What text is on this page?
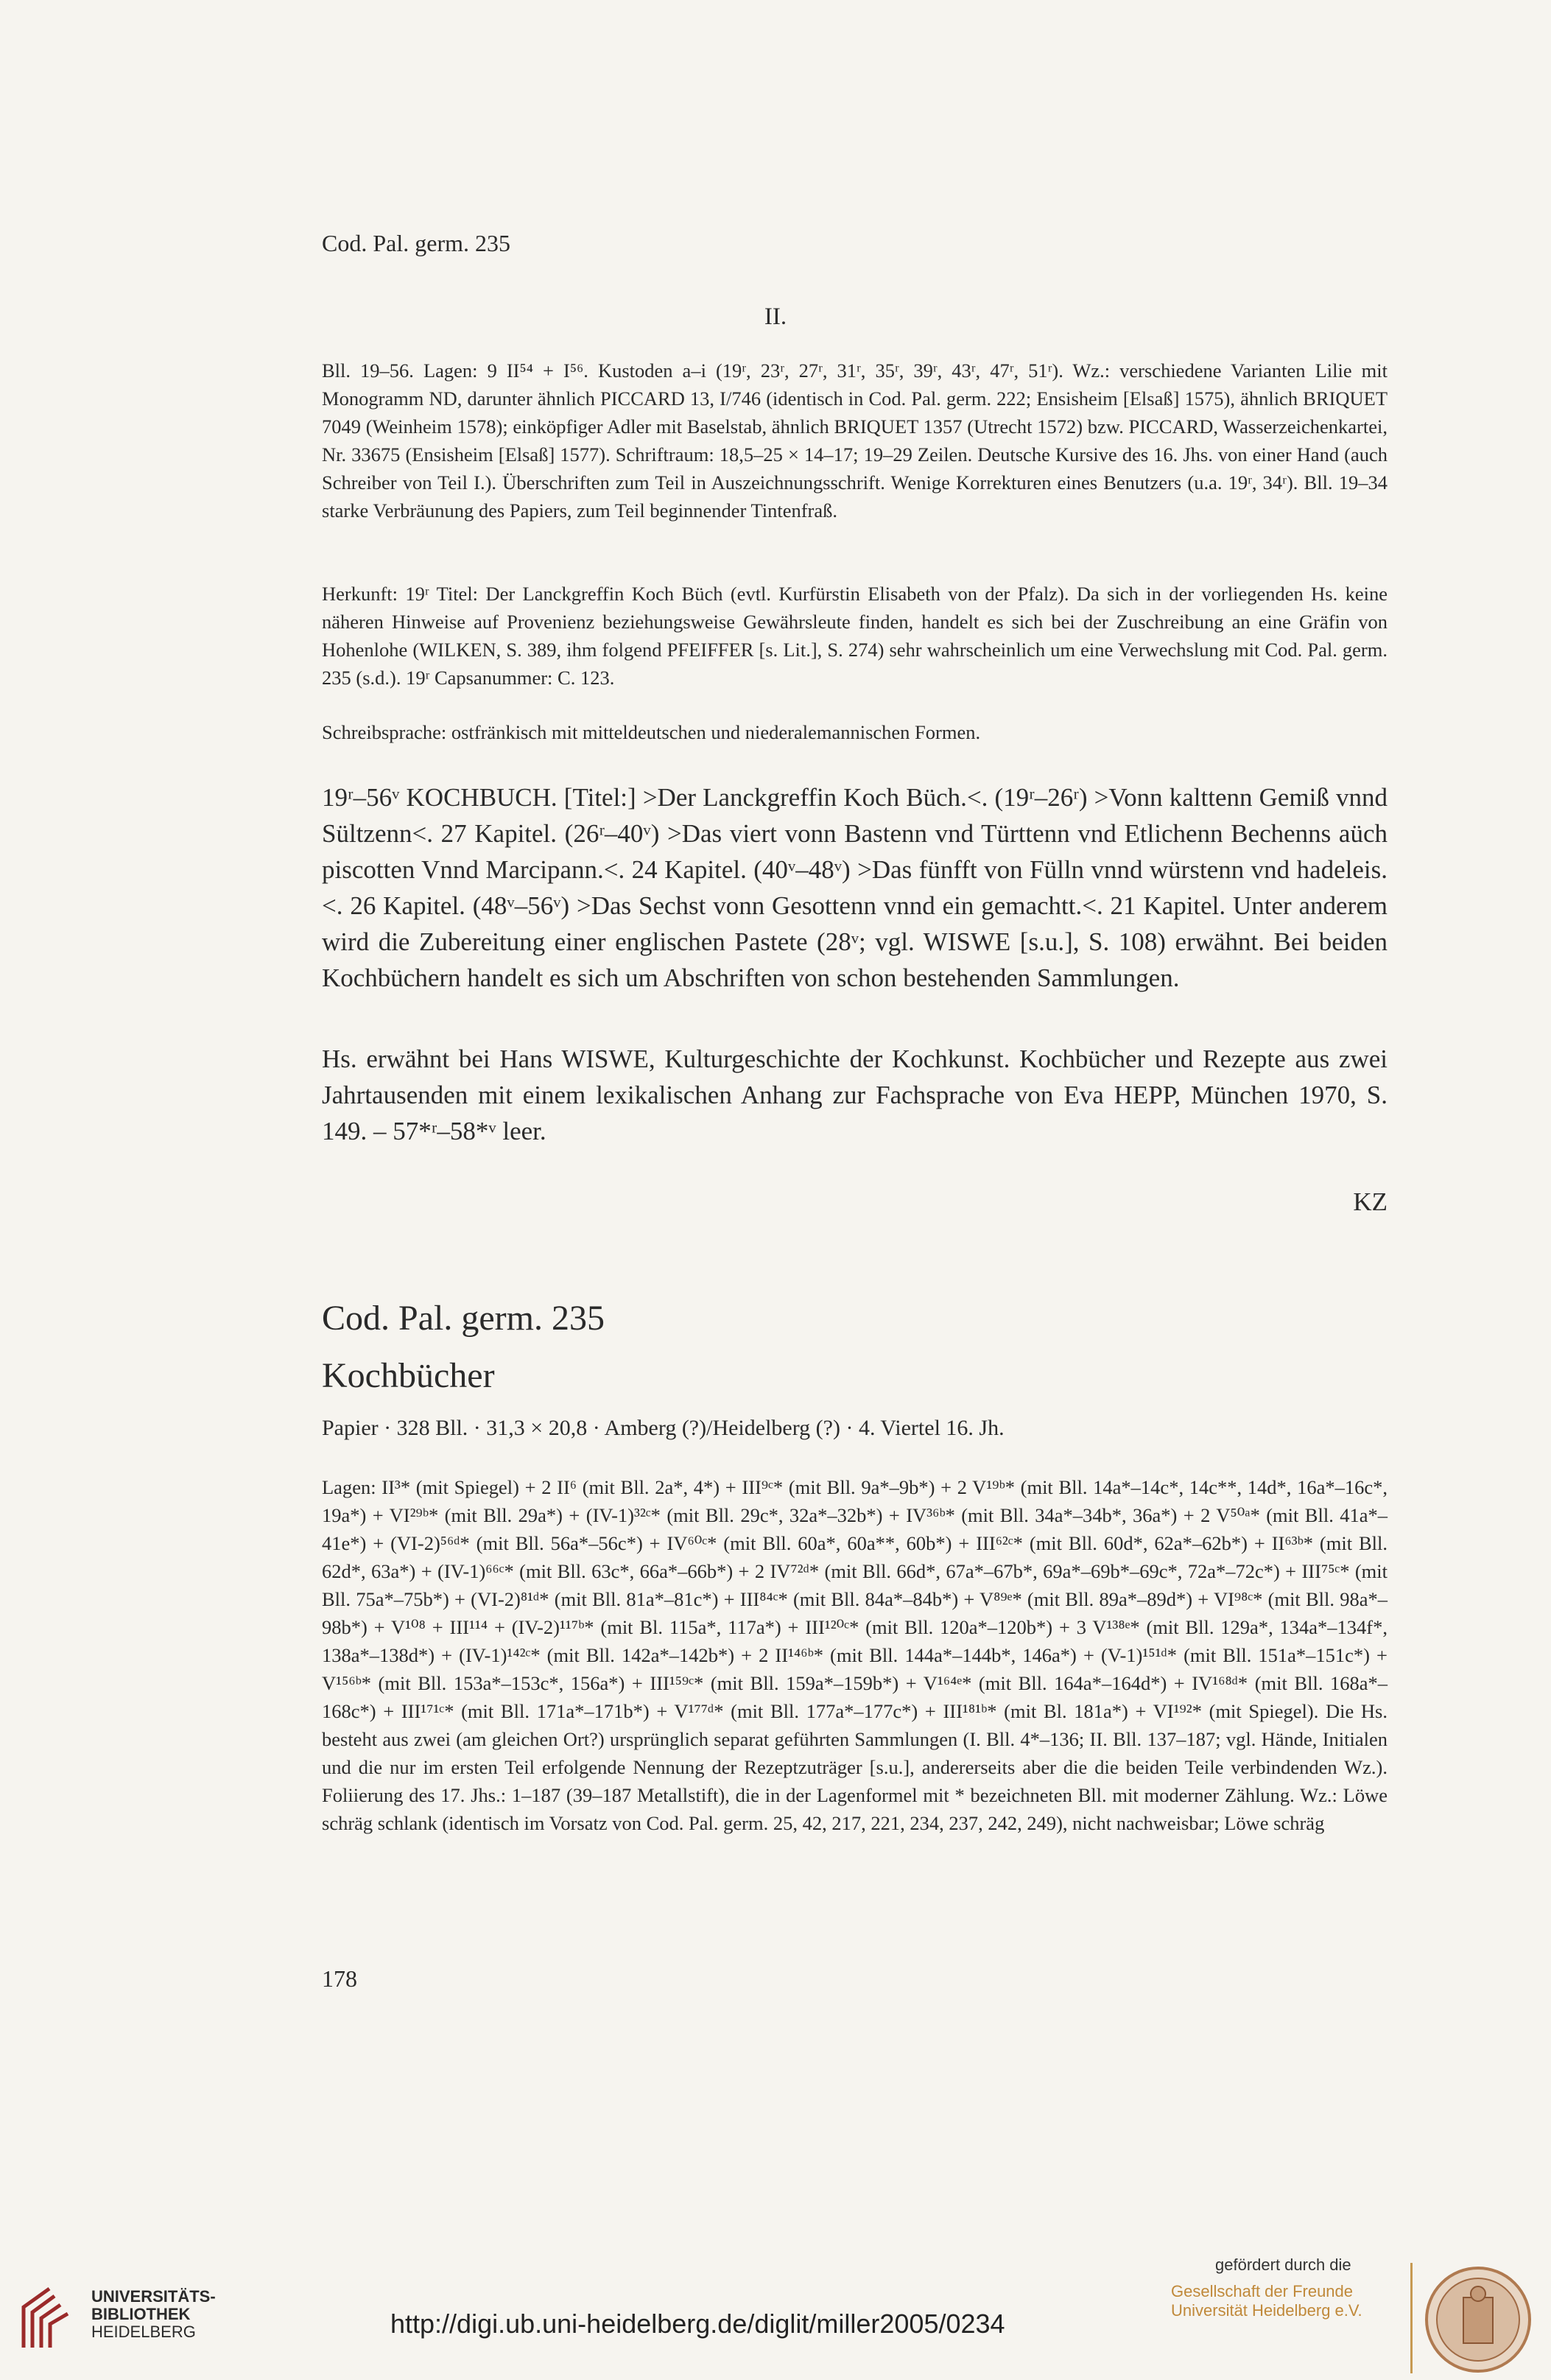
Cod. Pal. germ. 235
II.

Bll. 19–56. Lagen: 9 II⁵⁴ + I⁵⁶. Kustoden a–i (19ʳ, 23ʳ, 27ʳ, 31ʳ, 35ʳ, 39ʳ, 43ʳ, 47ʳ, 51ʳ). Wz.: verschiedene Varianten Lilie mit Monogramm ND, darunter ähnlich PICCARD 13, I/746 (identisch in Cod. Pal. germ. 222; Ensisheim [Elsaß] 1575), ähnlich BRIQUET 7049 (Weinheim 1578); einköpfiger Adler mit Baselstab, ähnlich BRIQUET 1357 (Utrecht 1572) bzw. PICCARD, Wasserzeichenkartei, Nr. 33675 (Ensisheim [Elsaß] 1577). Schriftraum: 18,5–25 × 14–17; 19–29 Zeilen. Deutsche Kursive des 16. Jhs. von einer Hand (auch Schreiber von Teil I.). Überschriften zum Teil in Auszeichnungsschrift. Wenige Korrekturen eines Benutzers (u.a. 19ʳ, 34ʳ). Bll. 19–34 starke Verbräunung des Papiers, zum Teil beginnender Tintenfraß.

Herkunft: 19ʳ Titel: Der Lanckgreffin Koch Büch (evtl. Kurfürstin Elisabeth von der Pfalz). Da sich in der vorliegenden Hs. keine näheren Hinweise auf Provenienz beziehungsweise Gewährsleute finden, handelt es sich bei der Zuschreibung an eine Gräfin von Hohenlohe (WILKEN, S. 389, ihm folgend PFEIFFER [s. Lit.], S. 274) sehr wahrscheinlich um eine Verwechslung mit Cod. Pal. germ. 235 (s.d.). 19ʳ Capsanummer: C. 123.

Schreibsprache: ostfränkisch mit mitteldeutschen und niederalemannischen Formen.

19ʳ–56ᵛ KOCHBUCH. [Titel:] >Der Lanckgreffin Koch Büch.<. (19ʳ–26ʳ) >Vonn kalttenn Gemiß vnnd Sültzenn<. 27 Kapitel. (26ʳ–40ᵛ) >Das viert vonn Bastenn vnd Türttenn vnd Etlichenn Bechenns aüch piscotten Vnnd Marcipann.<. 24 Kapitel. (40ᵛ–48ᵛ) >Das fünfft von Fülln vnnd würstenn vnd hadeleis.<. 26 Kapitel. (48ᵛ–56ᵛ) >Das Sechst vonn Gesottenn vnnd ein gemachtt.<. 21 Kapitel. Unter anderem wird die Zubereitung einer englischen Pastete (28ᵛ; vgl. WISWE [s.u.], S. 108) erwähnt. Bei beiden Kochbüchern handelt es sich um Abschriften von schon bestehenden Sammlungen.

Hs. erwähnt bei Hans WISWE, Kulturgeschichte der Kochkunst. Kochbücher und Rezepte aus zwei Jahrtausenden mit einem lexikalischen Anhang zur Fachsprache von Eva HEPP, München 1970, S. 149. – 57*ʳ–58*ᵛ leer.

KZ
Cod. Pal. germ. 235
Kochbücher
Papier · 328 Bll. · 31,3 × 20,8 · Amberg (?)/Heidelberg (?) · 4. Viertel 16. Jh.

Lagen: II³* (mit Spiegel) + 2 II⁶ (mit Bll. 2a*, 4*) + III⁹ᶜ* (mit Bll. 9a*–9b*) + 2 V¹⁹ᵇ* (mit Bll. 14a*–14c*, 14c**, 14d*, 16a*–16c*, 19a*) + VI²⁹ᵇ* (mit Bll. 29a*) + (IV-1)³²ᶜ* (mit Bll. 29c*, 32a*–32b*) + IV³⁶ᵇ* (mit Bll. 34a*–34b*, 36a*) + 2 V⁵⁰ᵃ* (mit Bll. 41a*–41e*) + (VI-2)⁵⁶ᵈ* (mit Bll. 56a*–56c*) + IV⁶⁰ᶜ* (mit Bll. 60a*, 60a**, 60b*) + III⁶²ᶜ* (mit Bll. 60d*, 62a*–62b*) + II⁶³ᵇ* (mit Bll. 62d*, 63a*) + (IV-1)⁶⁶ᶜ* (mit Bll. 63c*, 66a*–66b*) + 2 IV⁷²ᵈ* (mit Bll. 66d*, 67a*–67b*, 69a*–69b*–69c*, 72a*–72c*) + III⁷⁵ᶜ* (mit Bll. 75a*–75b*) + (VI-2)⁸¹ᵈ* (mit Bll. 81a*–81c*) + III⁸⁴ᶜ* (mit Bll. 84a*–84b*) + V⁸⁹ᵉ* (mit Bll. 89a*–89d*) + VI⁹⁸ᶜ* (mit Bll. 98a*–98b*) + V¹⁰⁸ + III¹¹⁴ + (IV-2)¹¹⁷ᵇ* (mit Bl. 115a*, 117a*) + III¹²⁰ᶜ* (mit Bll. 120a*–120b*) + 3 V¹³⁸ᵉ* (mit Bll. 129a*, 134a*–134f*, 138a*–138d*) + (IV-1)¹⁴²ᶜ* (mit Bll. 142a*–142b*) + 2 II¹⁴⁶ᵇ* (mit Bll. 144a*–144b*, 146a*) + (V-1)¹⁵¹ᵈ* (mit Bll. 151a*–151c*) + V¹⁵⁶ᵇ* (mit Bll. 153a*–153c*, 156a*) + III¹⁵⁹ᶜ* (mit Bll. 159a*–159b*) + V¹⁶⁴ᵉ* (mit Bll. 164a*–164d*) + IV¹⁶⁸ᵈ* (mit Bll. 168a*–168c*) + III¹⁷¹ᶜ* (mit Bll. 171a*–171b*) + V¹⁷⁷ᵈ* (mit Bll. 177a*–177c*) + III¹⁸¹ᵇ* (mit Bl. 181a*) + VI¹⁹²* (mit Spiegel). Die Hs. besteht aus zwei (am gleichen Ort?) ursprünglich separat geführten Sammlungen (I. Bll. 4*–136; II. Bll. 137–187; vgl. Hände, Initialen und die nur im ersten Teil erfolgende Nennung der Rezeptzuträger [s.u.], andererseits aber die die beiden Teile verbindenden Wz.). Foliierung des 17. Jhs.: 1–187 (39–187 Metallstift), die in der Lagenformel mit * bezeichneten Bll. mit moderner Zählung. Wz.: Löwe schräg schlank (identisch im Vorsatz von Cod. Pal. germ. 25, 42, 217, 221, 234, 237, 242, 249), nicht nachweisbar; Löwe schräg

178
UNIVERSITÄTS-
BIBLIOTHEK
HEIDELBERG	http://digi.ub.uni-heidelberg.de/diglit/miller2005/0234
gefördert durch die
Gesellschaft der Freunde
Universität Heidelberg e.V.
